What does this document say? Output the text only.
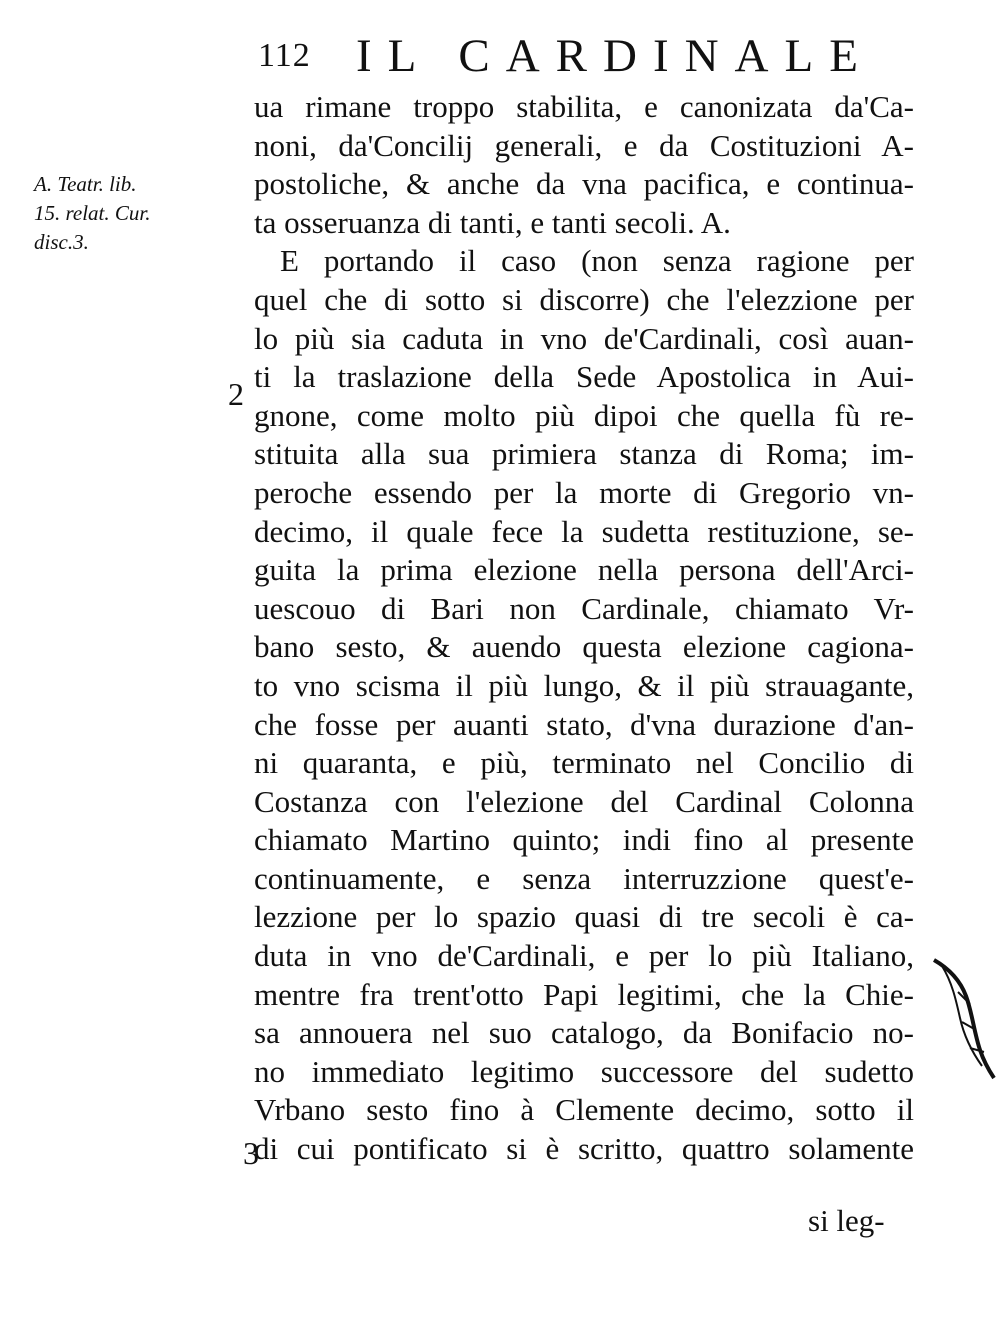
112 IL CARDINALE
A. Teatr. lib.
15. relat. Cur.
disc.3.
2
3
ua rimane troppo stabilita, e canonizata da'Ca-
noni, da'Concilij generali, e da Costituzioni A-
postoliche, & anche da vna pacifica, e continua-
ta osseruanza di tanti, e tanti secoli. A.
E portando il caso (non senza ragione per
quel che di sotto si discorre) che l'elezzione per
lo più sia caduta in vno de'Cardinali, così auan-
ti la traslazione della Sede Apostolica in Aui-
gnone, come molto più dipoi che quella fù re-
stituita alla sua primiera stanza di Roma; im-
peroche essendo per la morte di Gregorio vn-
decimo, il quale fece la sudetta restituzione, se-
guita la prima elezione nella persona dell'Arci-
uescouo di Bari non Cardinale, chiamato Vr-
bano sesto, & auendo questa elezione cagiona-
to vno scisma il più lungo, & il più strauagante,
che fosse per auanti stato, d'vna durazione d'an-
ni quaranta, e più, terminato nel Concilio di
Costanza con l'elezione del Cardinal Colonna
chiamato Martino quinto; indi fino al presente
continuamente, e senza interruzzione quest'e-
lezzione per lo spazio quasi di tre secoli è ca-
duta in vno de'Cardinali, e per lo più Italiano,
mentre fra trent'otto Papi legitimi, che la Chie-
sa annouera nel suo catalogo, da Bonifacio no-
no immediato legitimo successore del sudetto
Vrbano sesto fino à Clemente decimo, sotto il
di cui pontificato si è scritto, quattro solamente
si leg-
